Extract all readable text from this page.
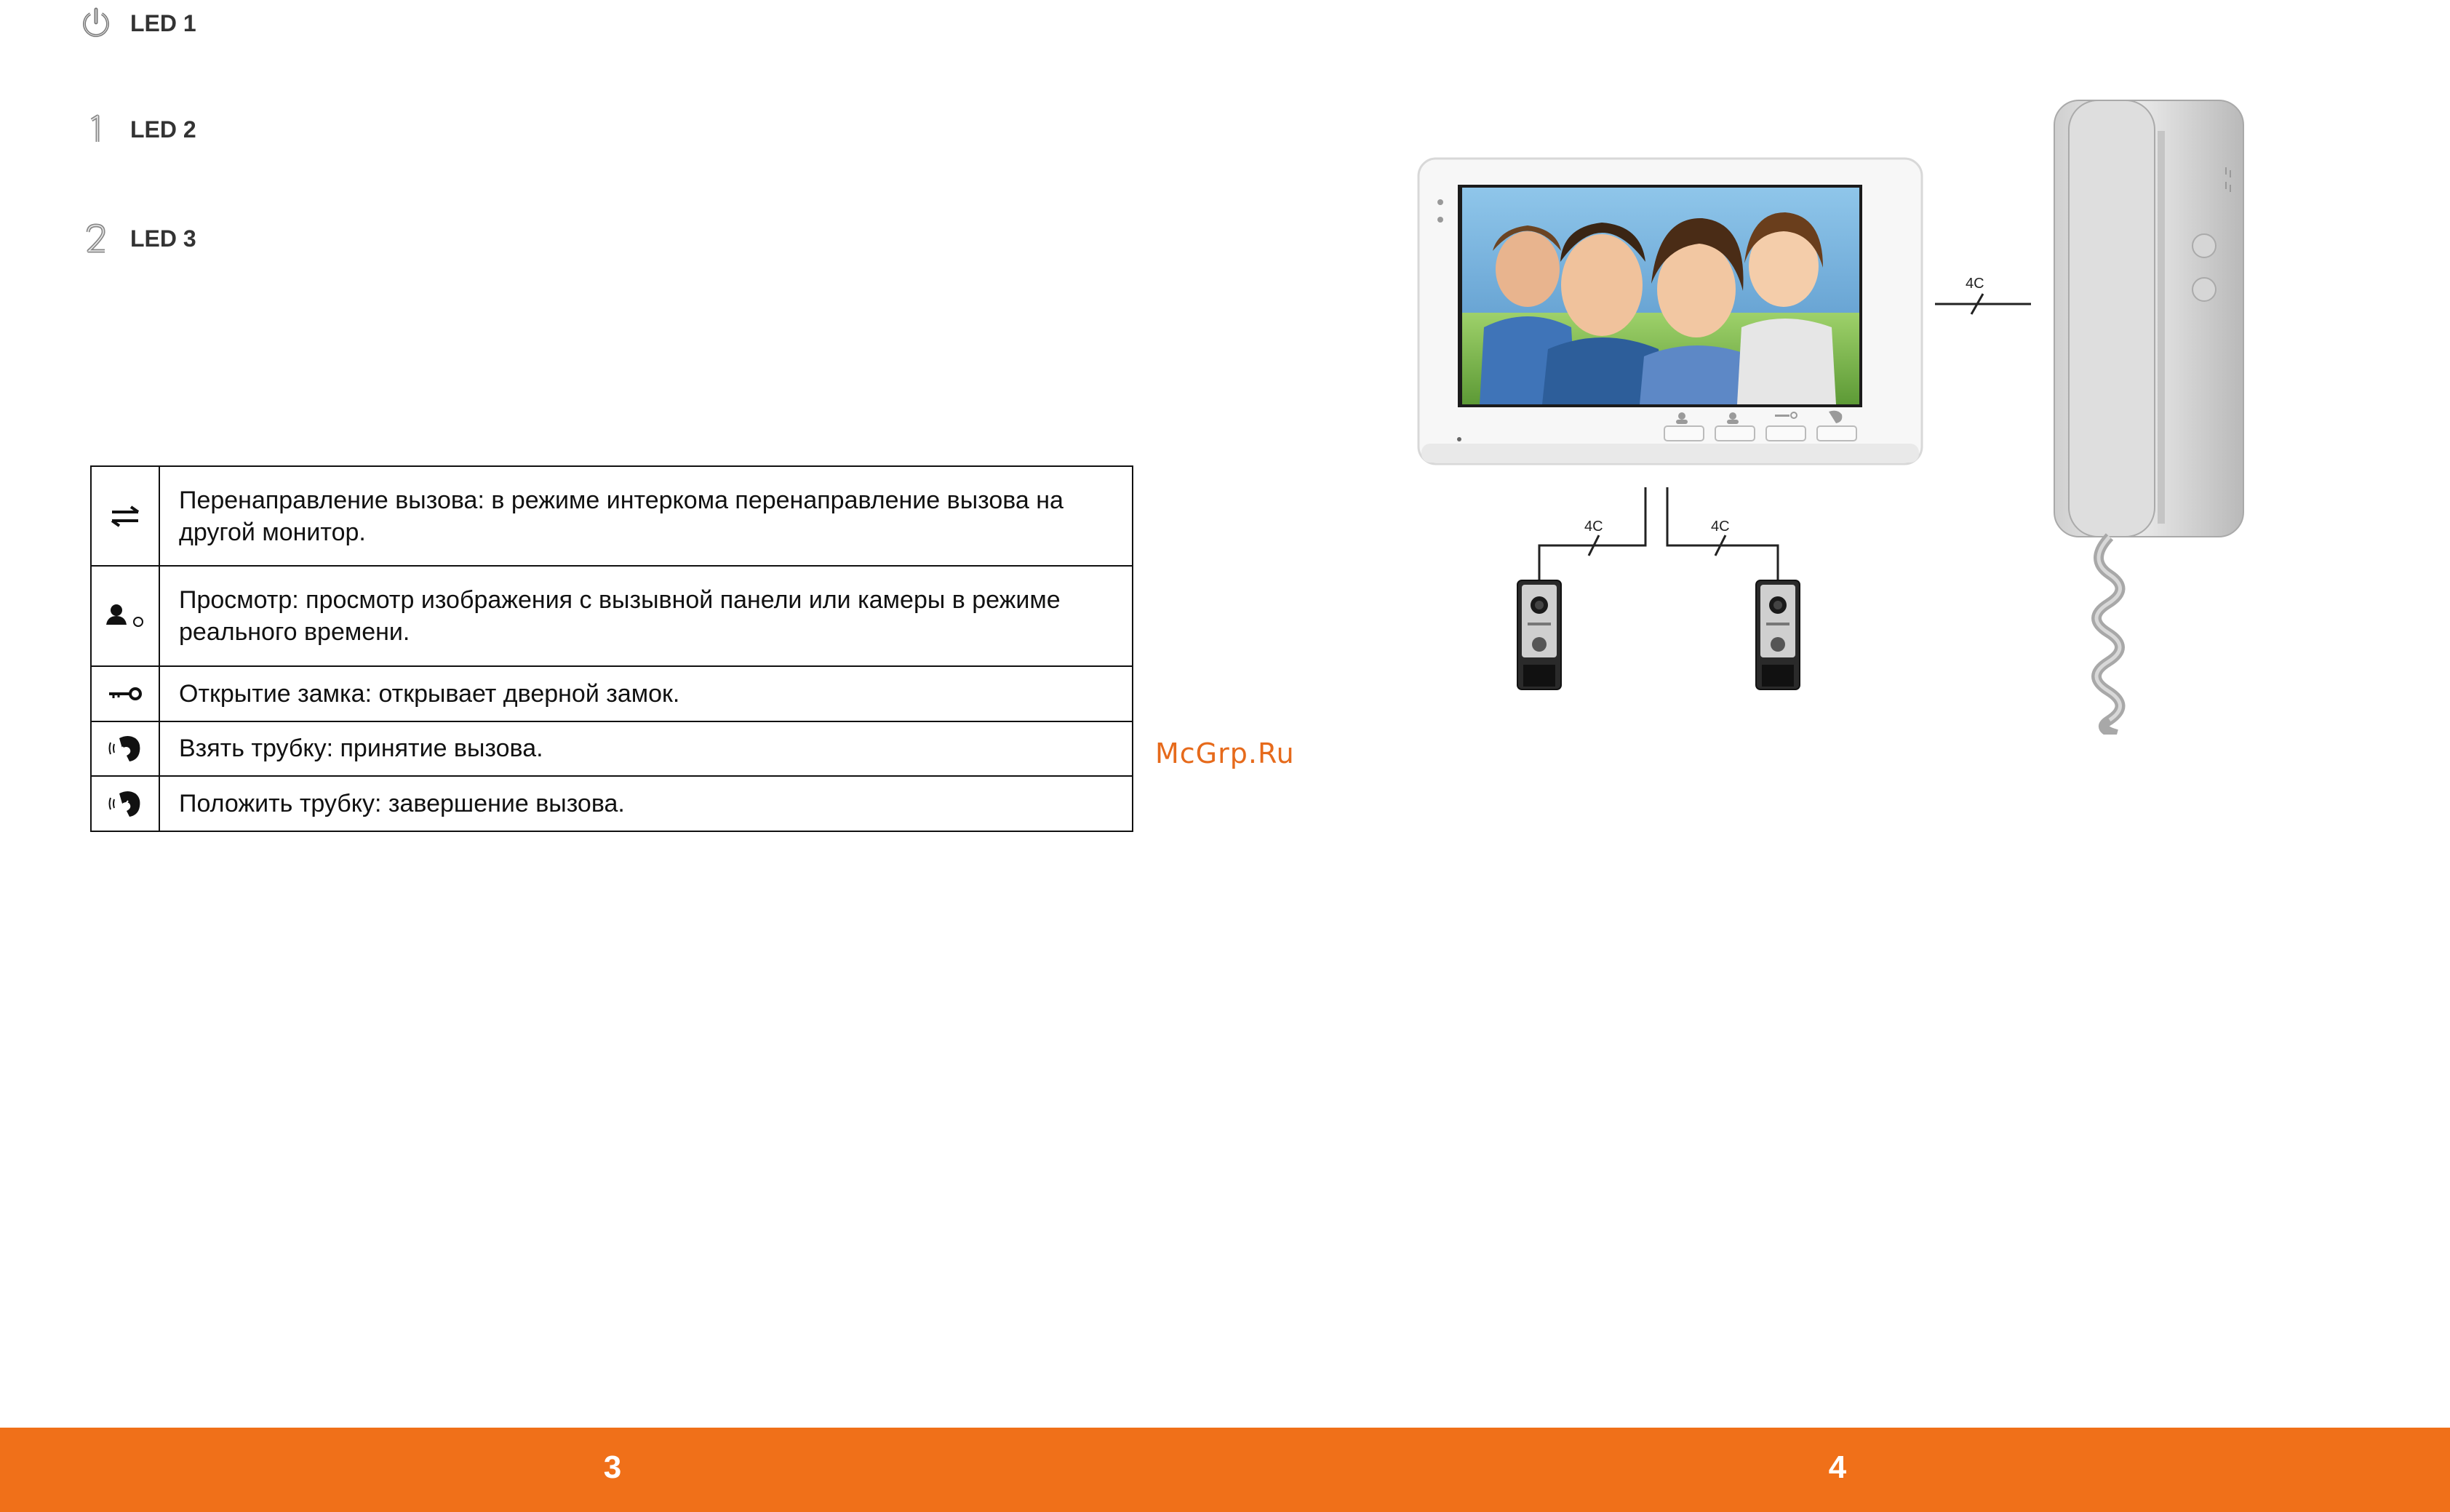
LED 1
LED 2
LED 3
	Перенаправление вызова: в режиме интеркома перенаправление вызова на другой монитор.

	Просмотр: просмотр изображения с вызывной панели или камеры в режиме реального времени.

	Открытие замка: открывает дверной замок.

	Взять трубку: принятие вызова.

	Положить трубку: завершение вызова.
McGrp.Ru
4C
4C	4C
3	4
